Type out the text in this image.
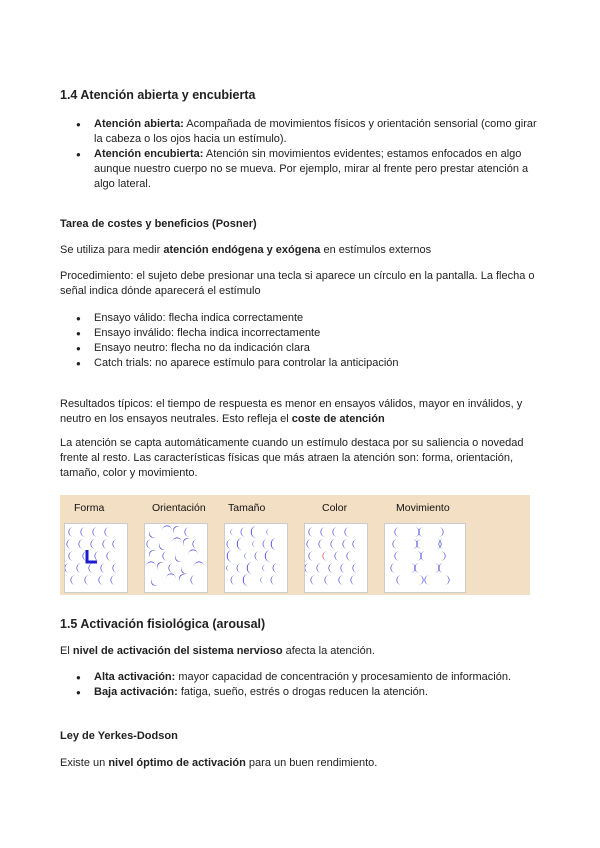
1.4 Atención abierta y encubierta
● Atención abierta: Acompañada de movimientos físicos y orientación sensorial (como girar la cabeza o los ojos hacia un estímulo).
● Atención encubierta: Atención sin movimientos evidentes; estamos enfocados en algo aunque nuestro cuerpo no se mueva. Por ejemplo, mirar al frente pero prestar atención a algo lateral.
Tarea de costes y beneficios (Posner)

Se utiliza para medir atención endógena y exógena en estímulos externos

Procedimiento: el sujeto debe presionar una tecla si aparece un círculo en la pantalla. La flecha o señal indica dónde aparecerá el estímulo

● Ensayo válido: flecha indica correctamente
● Ensayo inválido: flecha indica incorrectamente
● Ensayo neutro: flecha no da indicación clara
● Catch trials: no aparece estímulo para controlar la anticipación

Resultados típicos: el tiempo de respuesta es menor en ensayos válidos, mayor en inválidos, y neutro en los ensayos neutrales. Esto refleja el coste de atención

La atención se capta automáticamente cuando un estímulo destaca por su saliencia o novedad frente al resto. Las características físicas que más atraen la atención son: forma, orientación, tamaño, color y movimiento.

Forma	Orientación Tamaño	Color	Movimiento
1.5 Activación fisiológica (arousal)

El nivel de activación del sistema nervioso afecta la atención.

● Alta activación: mayor capacidad de concentración y procesamiento de información.
● Baja activación: fatiga, sueño, estrés o drogas reducen la atención.
Ley de Yerkes-Dodson

Existe un nivel óptimo de activación para un buen rendimiento.
